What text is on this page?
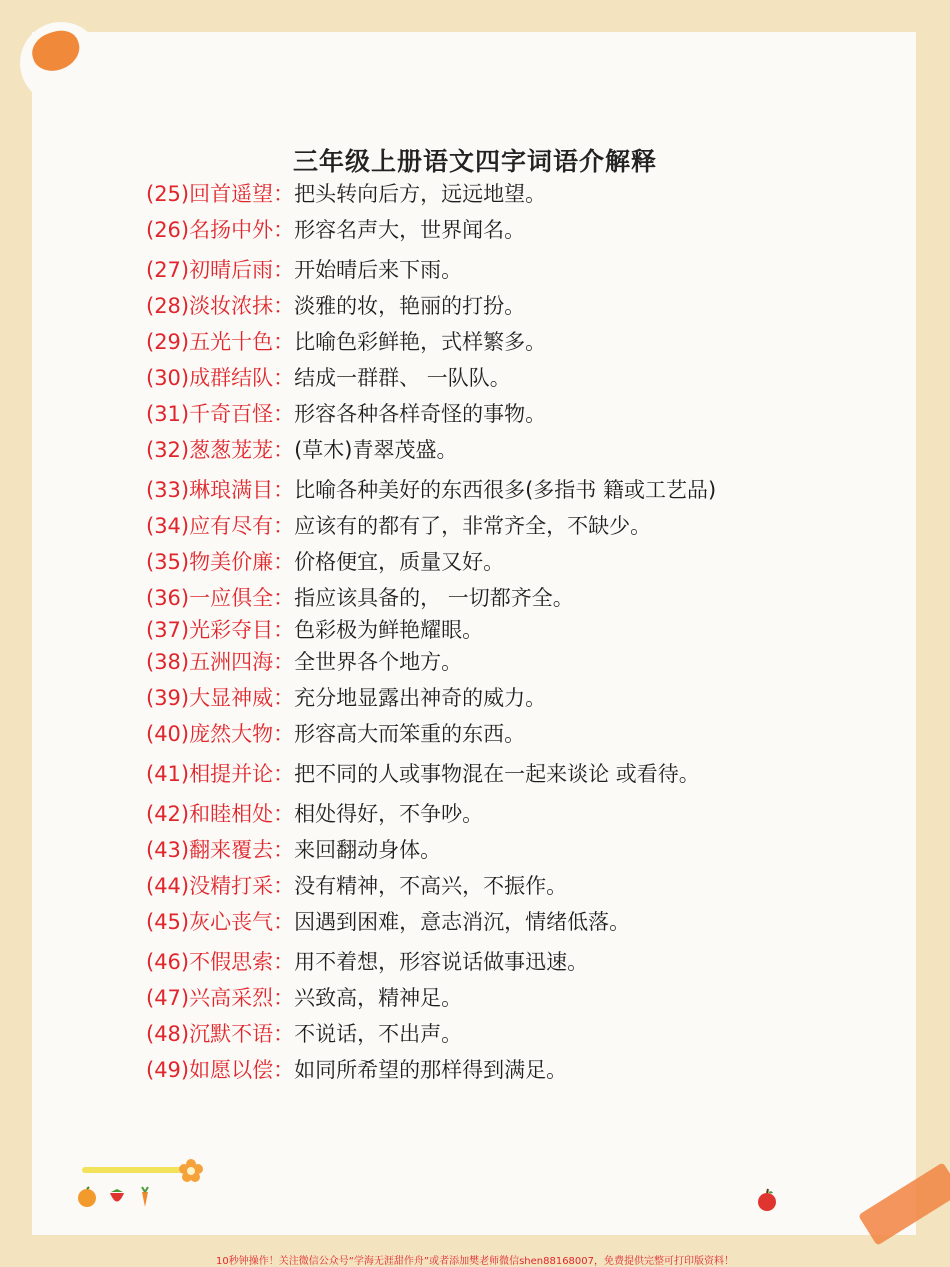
三年级上册语文四字词语介解释
(25)回首遥望：把头转向后方，远远地望。
(26)名扬中外：形容名声大，世界闻名。
(27)初晴后雨：开始晴后来下雨。
(28)淡妆浓抹：淡雅的妆，艳丽的打扮。
(29)五光十色：比喻色彩鲜艳，式样繁多。
(30)成群结队：结成一群群、 一队队。
(31)千奇百怪：形容各种各样奇怪的事物。
(32)葱葱茏茏：(草木)青翠茂盛。
(33)琳琅满目：比喻各种美好的东西很多(多指书 籍或工艺品)
(34)应有尽有：应该有的都有了，非常齐全，不缺少。
(35)物美价廉：价格便宜，质量又好。
(36)一应俱全：指应该具备的， 一切都齐全。
(37)光彩夺目：色彩极为鲜艳耀眼。
(38)五洲四海：全世界各个地方。
(39)大显神威：充分地显露出神奇的威力。
(40)庞然大物：形容高大而笨重的东西。
(41)相提并论：把不同的人或事物混在一起来谈论 或看待。
(42)和睦相处：相处得好，不争吵。
(43)翻来覆去：来回翻动身体。
(44)没精打采：没有精神，不高兴，不振作。
(45)灰心丧气：因遇到困难，意志消沉，情绪低落。
(46)不假思索：用不着想，形容说话做事迅速。
(47)兴高采烈：兴致高，精神足。
(48)沉默不语：不说话，不出声。
(49)如愿以偿：如同所希望的那样得到满足。
10秒钟操作！关注微信公众号“学海无涯甜作舟”或者添加樊老师微信shen88168007，免费提供完整可打印版资料！
